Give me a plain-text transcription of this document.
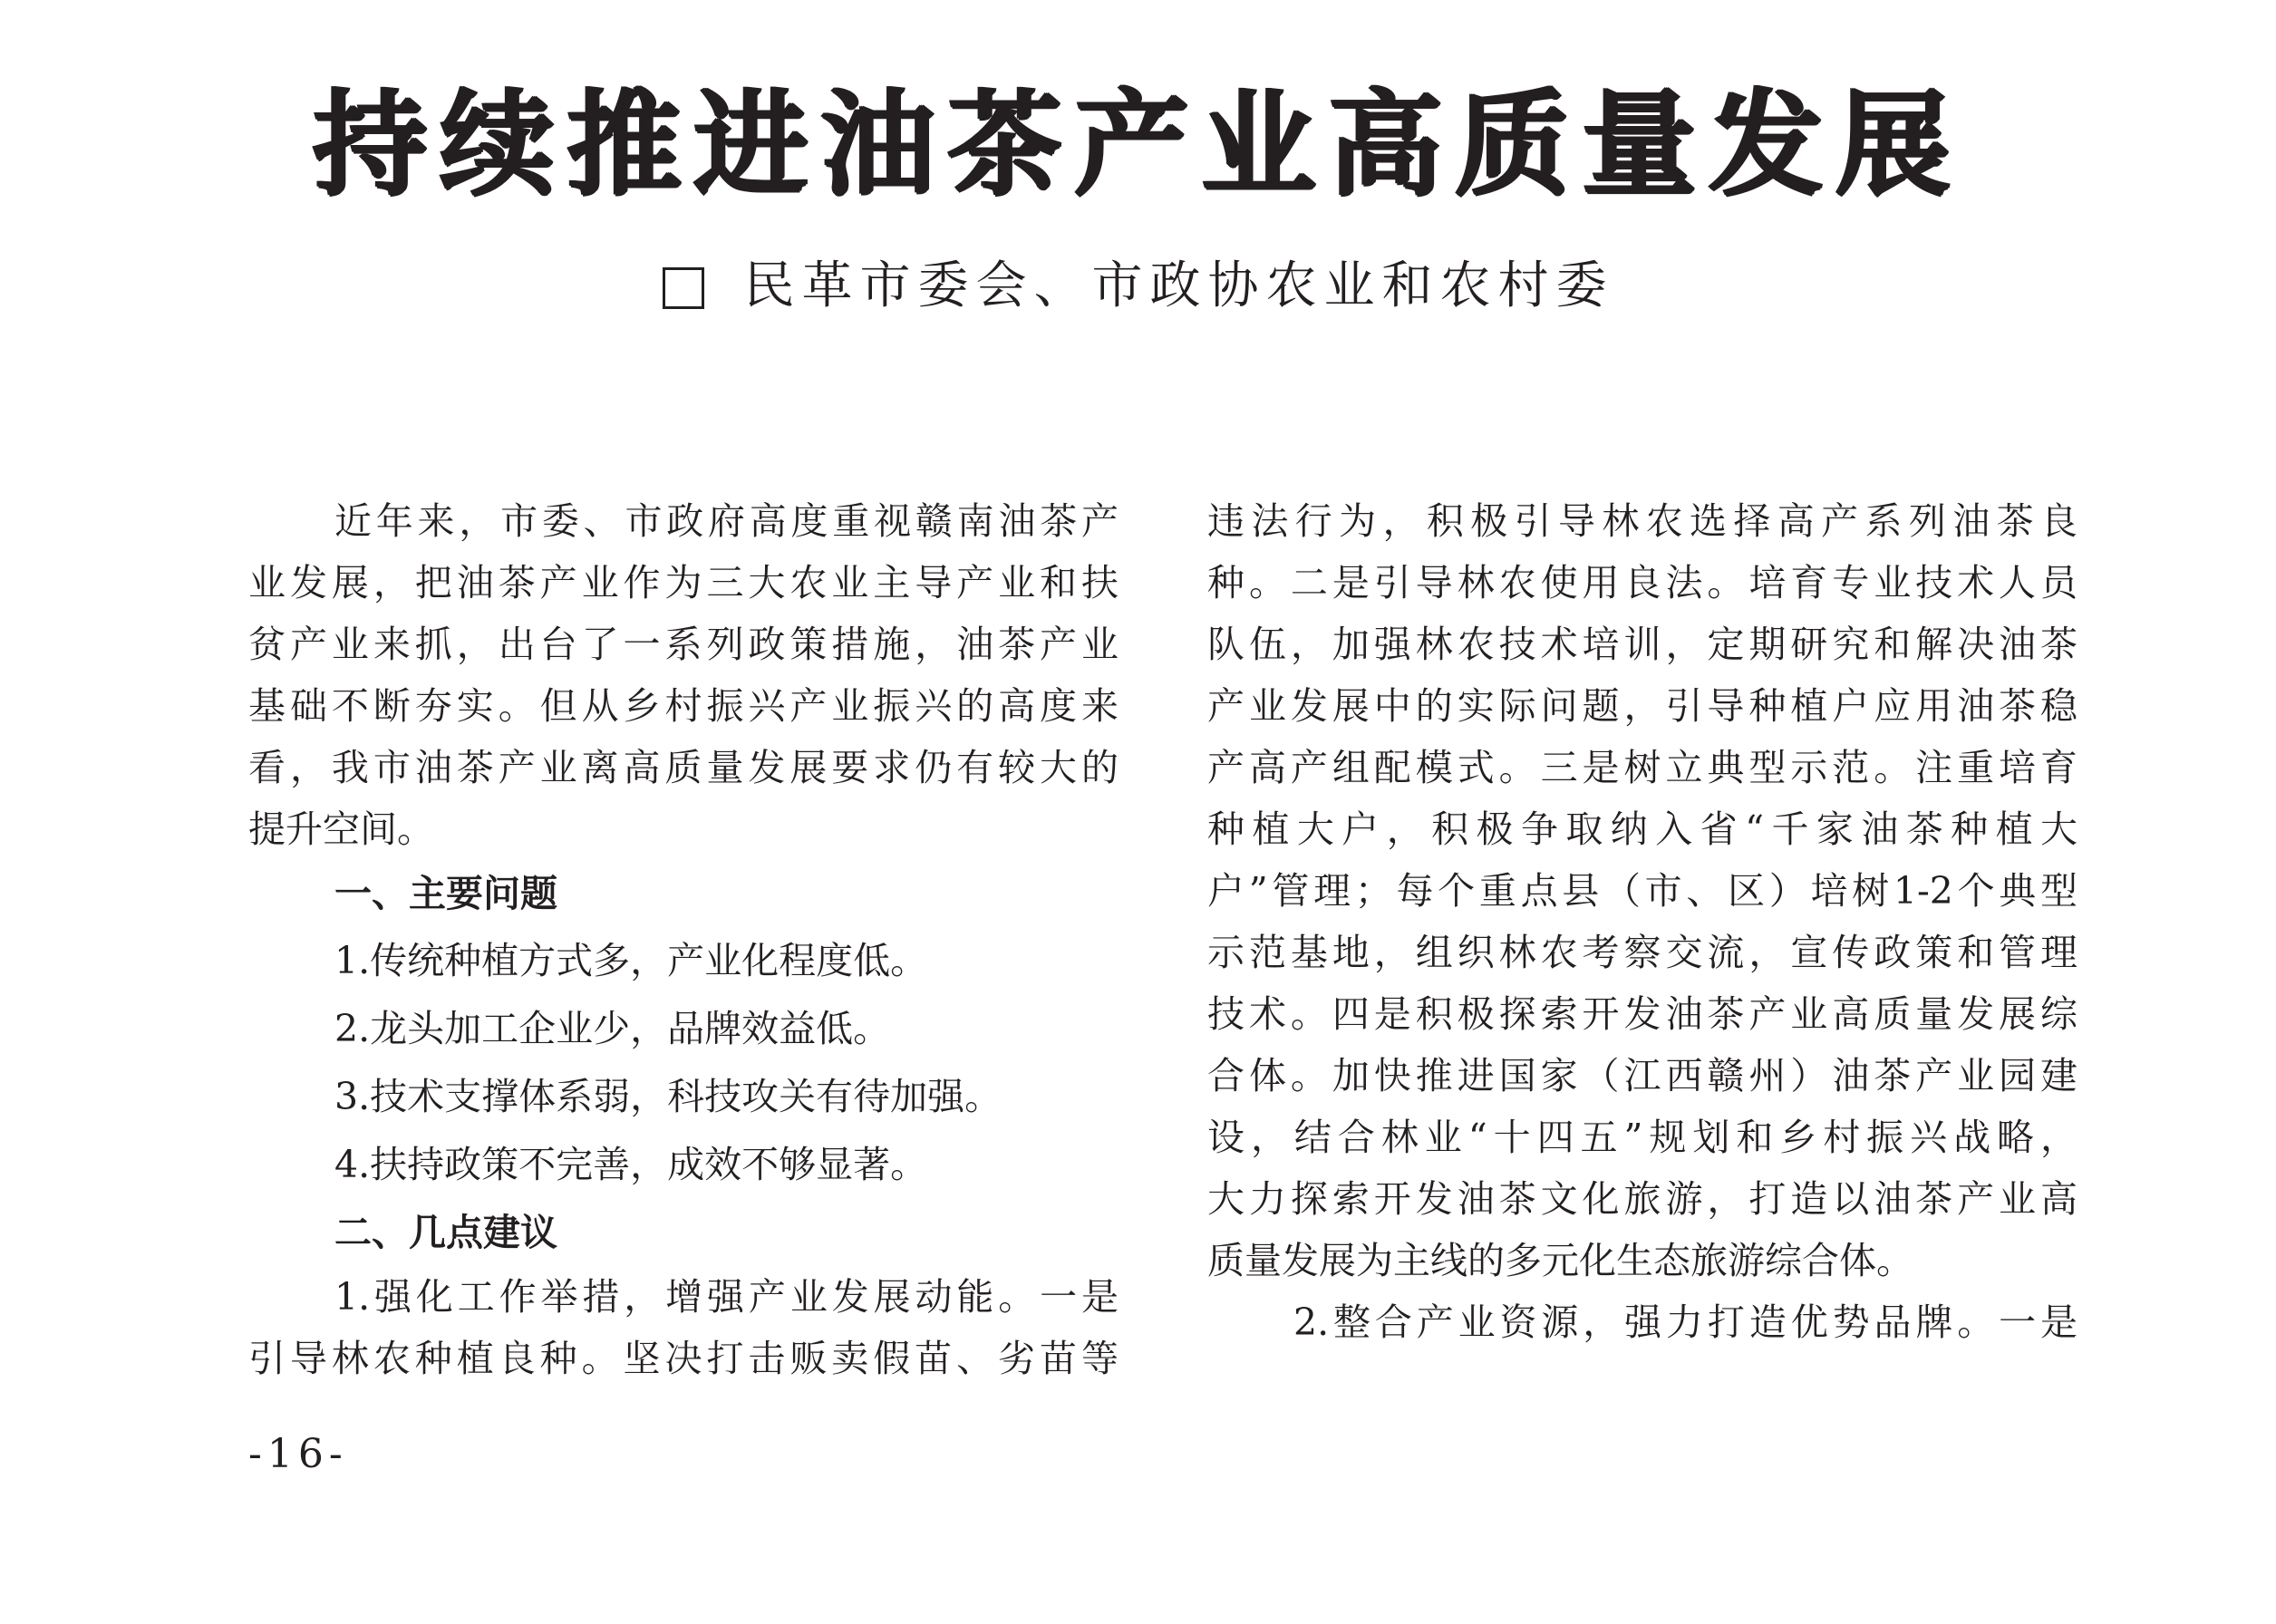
持续推进油茶产业高质量发展
民革市委会、市政协农业和农村委
近年来，市委、市政府高度重视赣南油茶产
业发展，把油茶产业作为三大农业主导产业和扶
贫产业来抓，出台了一系列政策措施，油茶产业
基础不断夯实。但从乡村振兴产业振兴的高度来
看，我市油茶产业离高质量发展要求仍有较大的
提升空间。
一、主要问题
1.传统种植方式多，产业化程度低。
2.龙头加工企业少，品牌效益低。
3.技术支撑体系弱，科技攻关有待加强。
4.扶持政策不完善，成效不够显著。
二、几点建议
1.强化工作举措，增强产业发展动能。一是
引导林农种植良种。坚决打击贩卖假苗、劣苗等
违法行为，积极引导林农选择高产系列油茶良
种。二是引导林农使用良法。培育专业技术人员
队伍，加强林农技术培训，定期研究和解决油茶
产业发展中的实际问题，引导种植户应用油茶稳
产高产组配模式。三是树立典型示范。注重培育
种植大户，积极争取纳入省“千家油茶种植大
户”管理；每个重点县（市、区）培树1-2个典型
示范基地，组织林农考察交流，宣传政策和管理
技术。四是积极探索开发油茶产业高质量发展综
合体。加快推进国家（江西赣州）油茶产业园建
设，结合林业“十四五”规划和乡村振兴战略，
大力探索开发油茶文化旅游，打造以油茶产业高
质量发展为主线的多元化生态旅游综合体。
2.整合产业资源，强力打造优势品牌。一是
-16-
